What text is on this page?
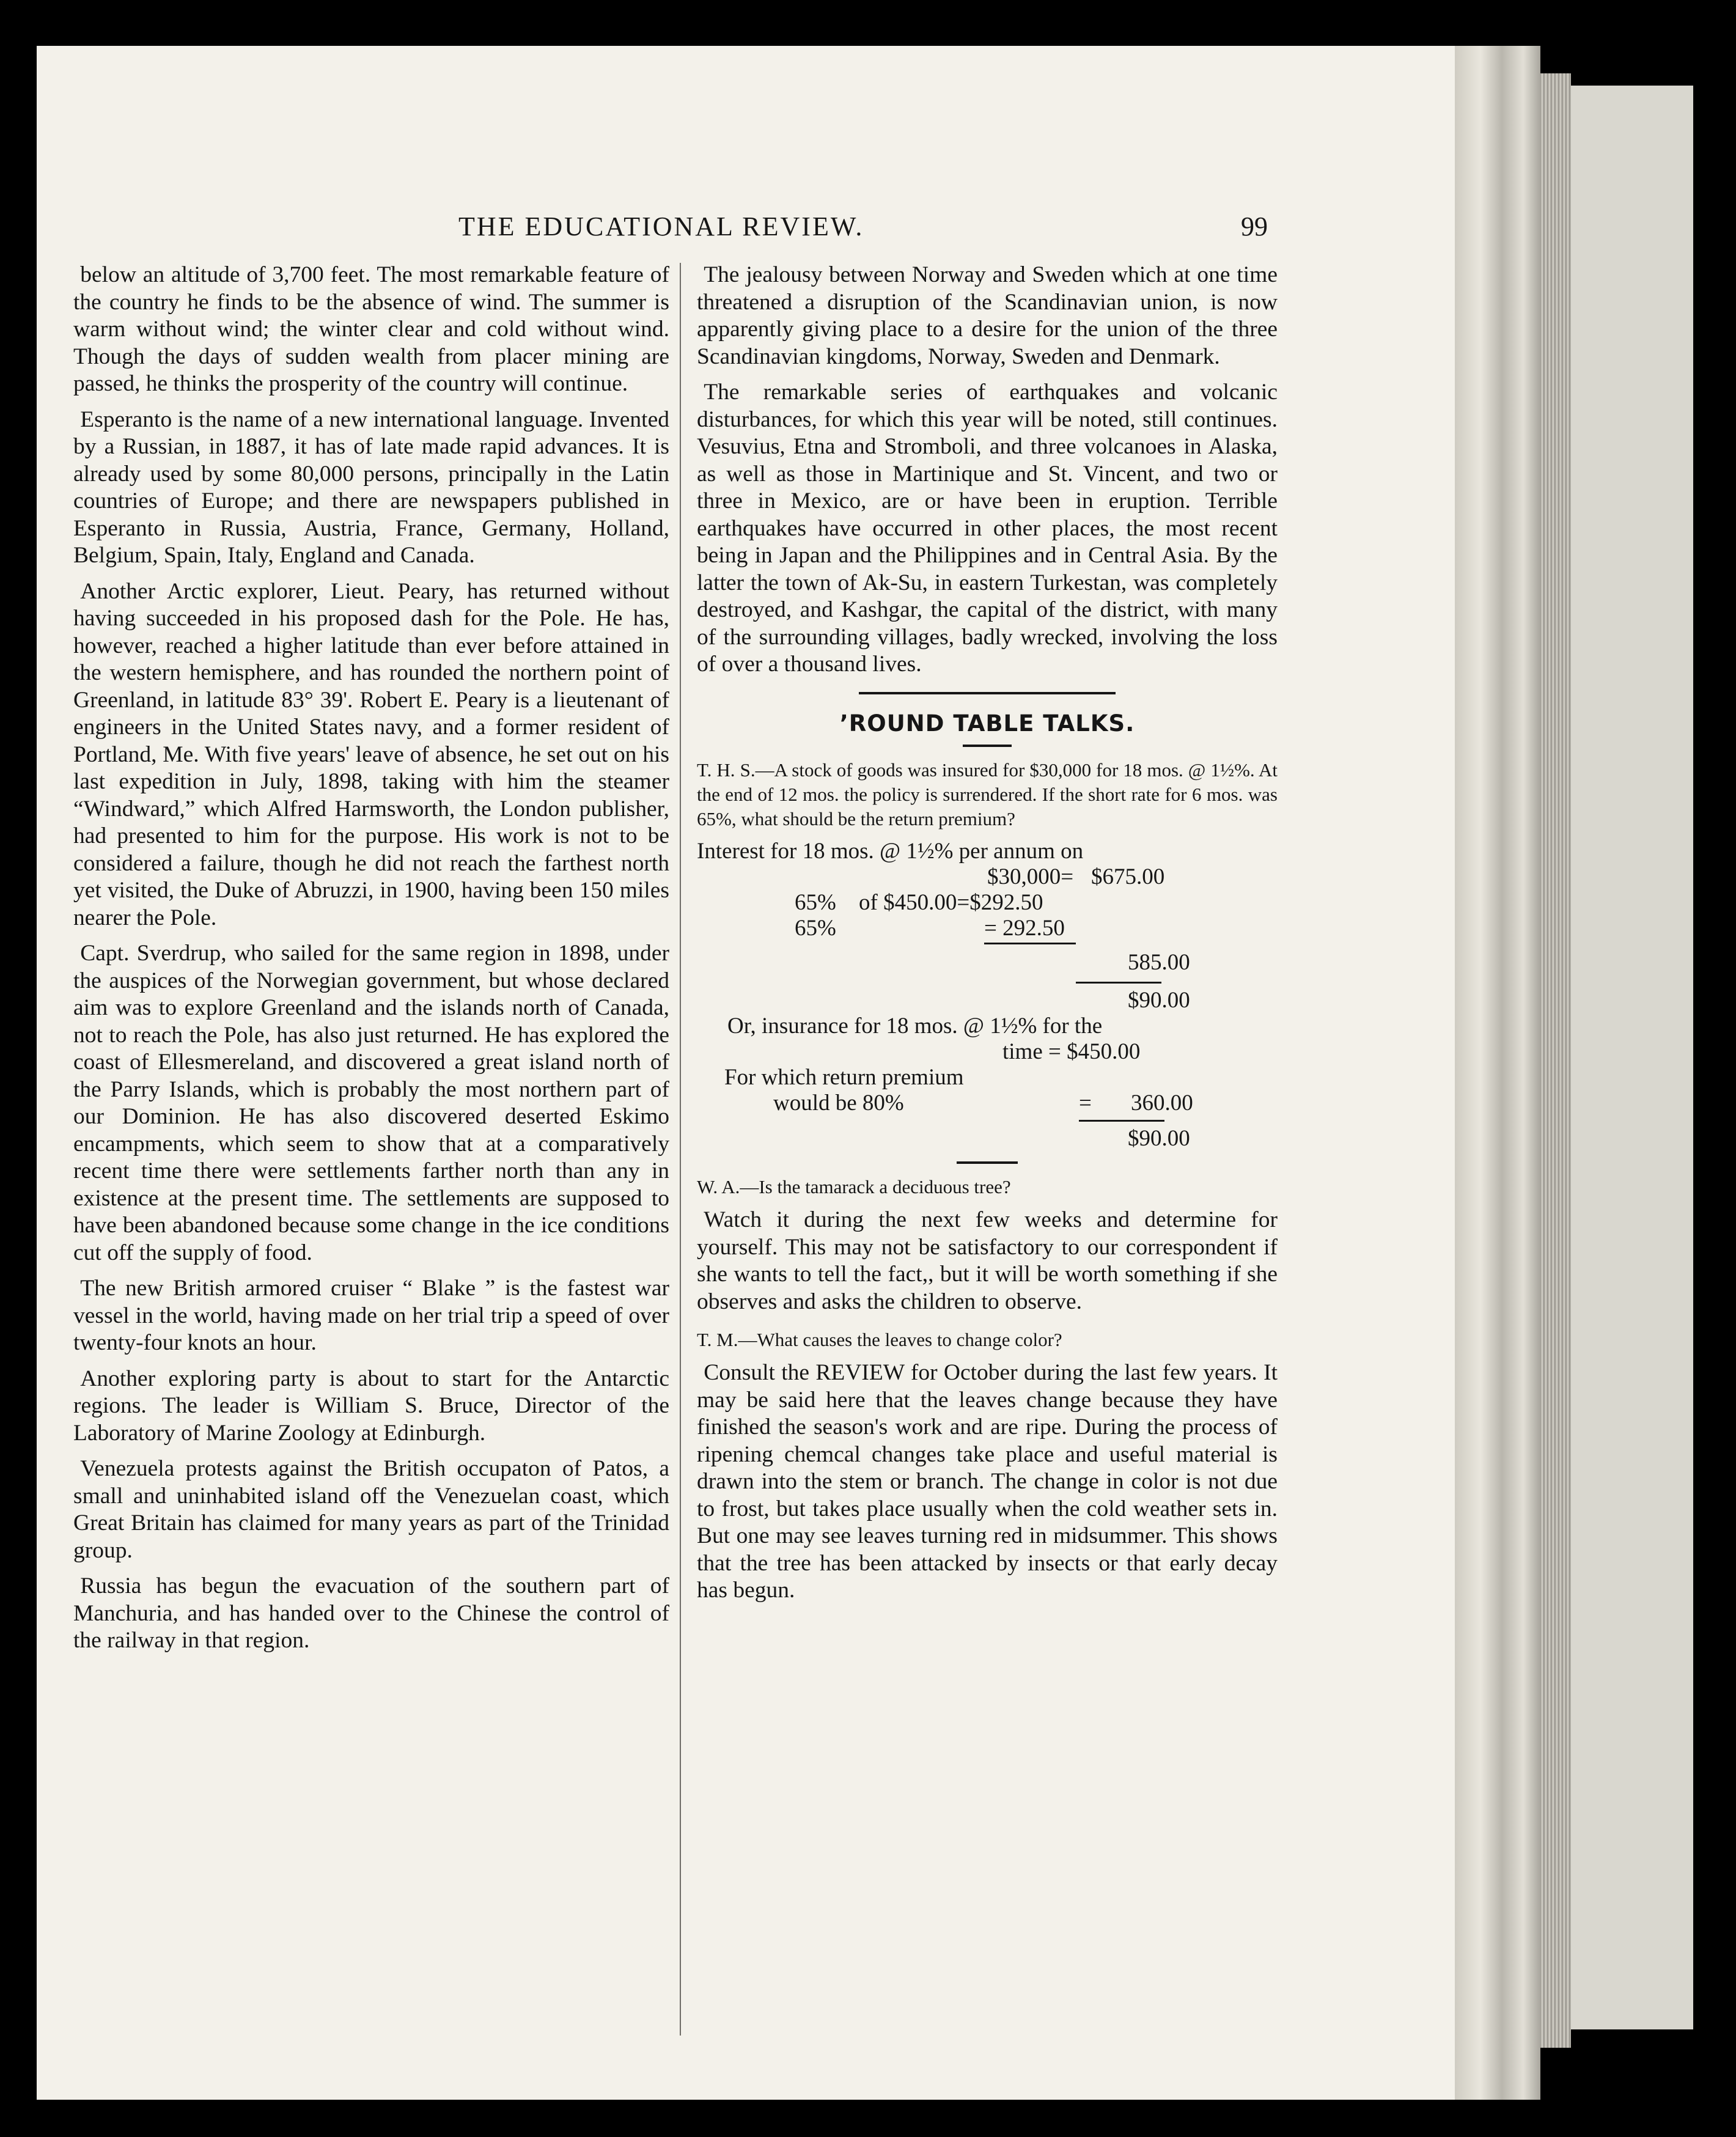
THE EDUCATIONAL REVIEW.	99

below an altitude of 3,700 feet. The most remarkable feature of the country he finds to be the absence of wind. The summer is warm without wind; the winter clear and cold without wind. Though the days of sudden wealth from placer mining are passed, he thinks the prosperity of the country will continue.

Esperanto is the name of a new international language. Invented by a Russian, in 1887, it has of late made rapid advances. It is already used by some 80,000 persons, principally in the Latin countries of Europe; and there are newspapers published in Esperanto in Russia, Austria, France, Germany, Holland, Belgium, Spain, Italy, England and Canada.

Another Arctic explorer, Lieut. Peary, has returned without having succeeded in his proposed dash for the Pole. He has, however, reached a higher latitude than ever before attained in the western hemisphere, and has rounded the northern point of Greenland, in latitude 83° 39'. Robert E. Peary is a lieutenant of engineers in the United States navy, and a former resident of Portland, Me. With five years' leave of absence, he set out on his last expedition in July, 1898, taking with him the steamer “Windward,” which Alfred Harmsworth, the London publisher, had presented to him for the purpose. His work is not to be considered a failure, though he did not reach the farthest north yet visited, the Duke of Abruzzi, in 1900, having been 150 miles nearer the Pole.

Capt. Sverdrup, who sailed for the same region in 1898, under the auspices of the Norwegian government, but whose declared aim was to explore Greenland and the islands north of Canada, not to reach the Pole, has also just returned. He has explored the coast of Ellesmereland, and discovered a great island north of the Parry Islands, which is probably the most northern part of our Dominion. He has also discovered deserted Eskimo encampments, which seem to show that at a comparatively recent time there were settlements farther north than any in existence at the present time. The settlements are supposed to have been abandoned because some change in the ice conditions cut off the supply of food.

The new British armored cruiser “ Blake ” is the fastest war vessel in the world, having made on her trial trip a speed of over twenty-four knots an hour.

Another exploring party is about to start for the Antarctic regions. The leader is William S. Bruce, Director of the Laboratory of Marine Zoology at Edinburgh.

Venezuela protests against the British occupaton of Patos, a small and uninhabited island off the Venezuelan coast, which Great Britain has claimed for many years as part of the Trinidad group.

Russia has begun the evacuation of the southern part of Manchuria, and has handed over to the Chinese the control of the railway in that region.

The jealousy between Norway and Sweden which at one time threatened a disruption of the Scandinavian union, is now apparently giving place to a desire for the union of the three Scandinavian kingdoms, Norway, Sweden and Denmark.

The remarkable series of earthquakes and volcanic disturbances, for which this year will be noted, still continues. Vesuvius, Etna and Stromboli, and three volcanoes in Alaska, as well as those in Martinique and St. Vincent, and two or three in Mexico, are or have been in eruption. Terrible earthquakes have occurred in other places, the most recent being in Japan and the Philippines and in Central Asia. By the latter the town of Ak-Su, in eastern Turkestan, was completely destroyed, and Kashgar, the capital of the district, with many of the surrounding villages, badly wrecked, involving the loss of over a thousand lives.

’ROUND TABLE TALKS.
T. H. S.—A stock of goods was insured for $30,000 for 18 mos. @ 1½%. At the end of 12 mos. the policy is surrendered. If the short rate for 6 mos. was 65%, what should be the return premium?
Interest for 18 mos. @ 1½% per annum on
$30,000= $675.00
65% of $450.00=$292.50
65%	= 292.50
585.00
$90.00
Or, insurance for 18 mos. @ 1½% for the
time = $450.00
For which return premium
would be 80%	= 360.00
$90.00
W. A.—Is the tamarack a deciduous tree?

Watch it during the next few weeks and determine for yourself. This may not be satisfactory to our correspondent if she wants to tell the fact,, but it will be worth something if she observes and asks the children to observe.

T. M.—What causes the leaves to change color?

Consult the REVIEW for October during the last few years. It may be said here that the leaves change because they have finished the season's work and are ripe. During the process of ripening chemcal changes take place and useful material is drawn into the stem or branch. The change in color is not due to frost, but takes place usually when the cold weather sets in. But one may see leaves turning red in midsummer. This shows that the tree has been attacked by insects or that early decay has begun.
